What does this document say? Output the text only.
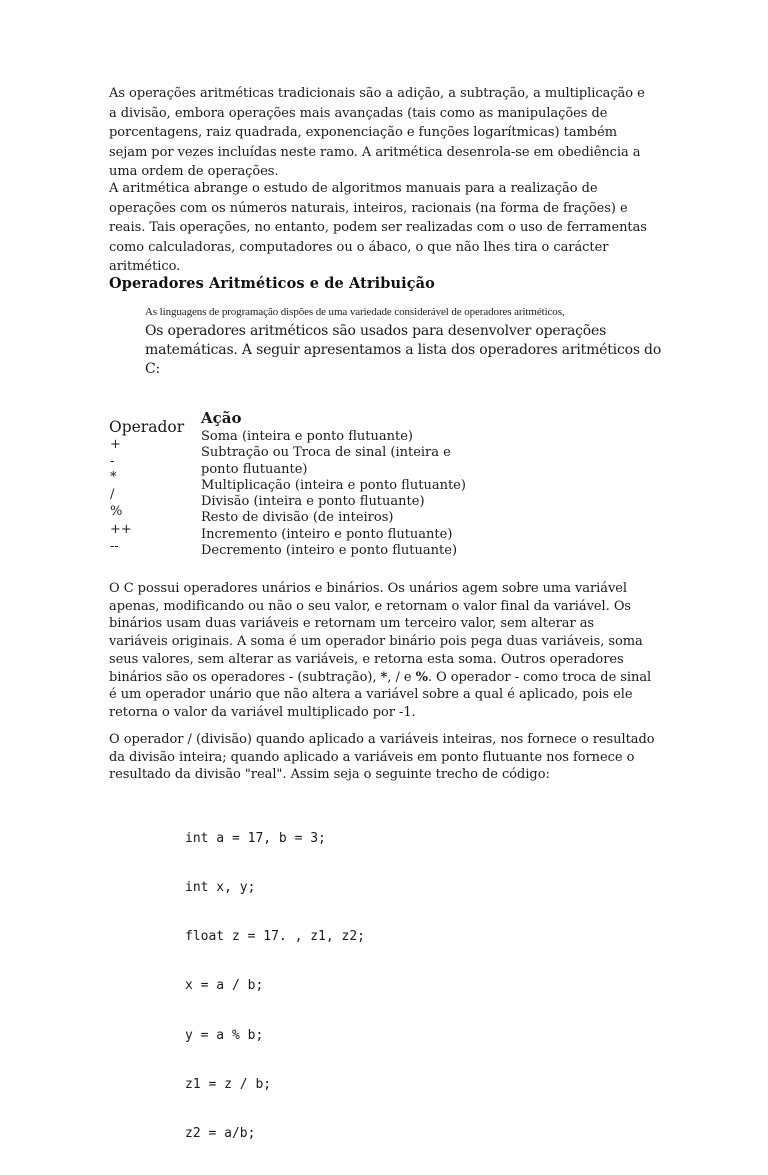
As operações aritméticas tradicionais são a adição, a subtração, a multiplicação e a divisão, embora operações mais avançadas (tais como as manipulações de porcentagens, raiz quadrada, exponenciação e funções logarítmicas) também sejam por vezes incluídas neste ramo. A aritmética desenrola-se em obediência a uma ordem de operações.

A aritmética abrange o estudo de algoritmos manuais para a realização de operações com os números naturais, inteiros, racionais (na forma de frações) e reais. Tais operações, no entanto, podem ser realizadas com o uso de ferramentas como calculadoras, computadores ou o ábaco, o que não lhes tira o carácter aritmético.

Operadores Aritméticos e de Atribuição

As linguagens de programação dispões de uma variedade considerável de operadores aritméticos,

Os operadores aritméticos são usados para desenvolver operações matemáticas. A seguir apresentamos a lista dos operadores aritméticos do C:

Operador Ação
+
-
*
/
%
++
--
Soma (inteira e ponto flutuante)
Subtração ou Troca de sinal (inteira e ponto flutuante)
Multiplicação (inteira e ponto flutuante)
Divisão (inteira e ponto flutuante)
Resto de divisão (de inteiros)
Incremento (inteiro e ponto flutuante)
Decremento (inteiro e ponto flutuante)

O C possui operadores unários e binários. Os unários agem sobre uma variável apenas, modificando ou não o seu valor, e retornam o valor final da variável. Os binários usam duas variáveis e retornam um terceiro valor, sem alterar as variáveis originais. A soma é um operador binário pois pega duas variáveis, soma seus valores, sem alterar as variáveis, e retorna esta soma. Outros operadores binários são os operadores - (subtração), *, / e %. O operador - como troca de sinal é um operador unário que não altera a variável sobre a qual é aplicado, pois ele retorna o valor da variável multiplicado por -1.

O operador / (divisão) quando aplicado a variáveis inteiras, nos fornece o resultado da divisão inteira; quando aplicado a variáveis em ponto flutuante nos fornece o resultado da divisão "real". Assim seja o seguinte trecho de código:

int a = 17, b = 3;

int x, y;

float z = 17. , z1, z2;

x = a / b;

y = a % b;

z1 = z / b;

z2 = a/b;
